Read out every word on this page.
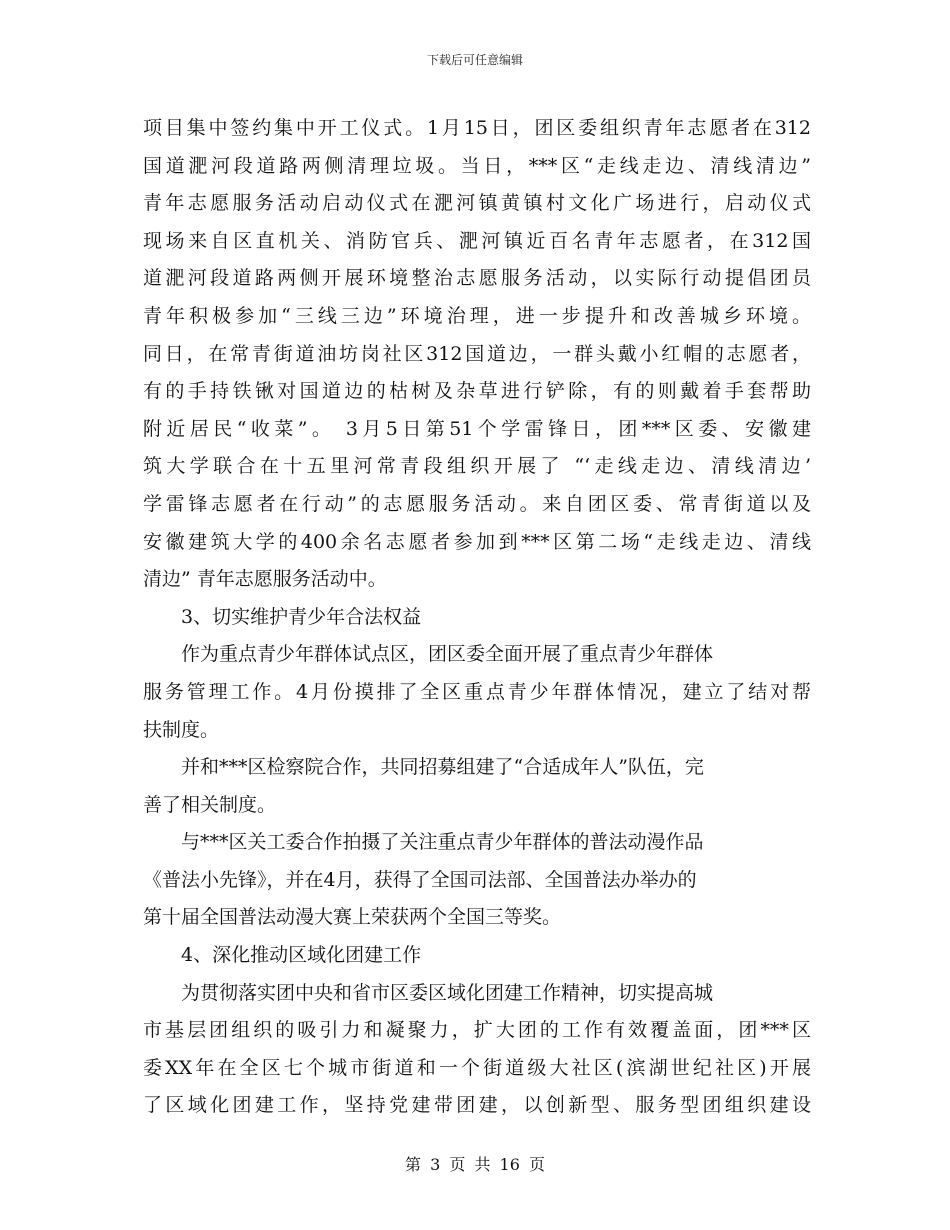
下载后可任意编辑
项目集中签约集中开工仪式。1月15日，团区委组织青年志愿者在312
国道淝河段道路两侧清理垃圾。当日，***区“走线走边、清线清边”
青年志愿服务活动启动仪式在淝河镇黄镇村文化广场进行，启动仪式
现场来自区直机关、消防官兵、淝河镇近百名青年志愿者，在312国
道淝河段道路两侧开展环境整治志愿服务活动，以实际行动提倡团员
青年积极参加“三线三边”环境治理，进一步提升和改善城乡环境。
同日，在常青街道油坊岗社区312国道边，一群头戴小红帽的志愿者，
有的手持铁锹对国道边的枯树及杂草进行铲除，有的则戴着手套帮助
附近居民“收菜”。 3月5日第51个学雷锋日，团***区委、安徽建
筑大学联合在十五里河常青段组织开展了 “‘走线走边、清线清边’
学雷锋志愿者在行动”的志愿服务活动。来自团区委、常青街道以及
安徽建筑大学的400余名志愿者参加到***区第二场“走线走边、清线
清边” 青年志愿服务活动中。
3、切实维护青少年合法权益
作为重点青少年群体试点区，团区委全面开展了重点青少年群体
服务管理工作。4月份摸排了全区重点青少年群体情况，建立了结对帮
扶制度。
并和***区检察院合作，共同招募组建了“合适成年人”队伍，完
善了相关制度。
与***区关工委合作拍摄了关注重点青少年群体的普法动漫作品
《普法小先锋》，并在4月，获得了全国司法部、全国普法办举办的
第十届全国普法动漫大赛上荣获两个全国三等奖。
4、深化推动区域化团建工作
为贯彻落实团中央和省市区委区域化团建工作精神，切实提高城
市基层团组织的吸引力和凝聚力，扩大团的工作有效覆盖面，团***区
委XX年在全区七个城市街道和一个街道级大社区(滨湖世纪社区)开展
了区域化团建工作，坚持党建带团建，以创新型、服务型团组织建设
第 3 页 共 16 页
